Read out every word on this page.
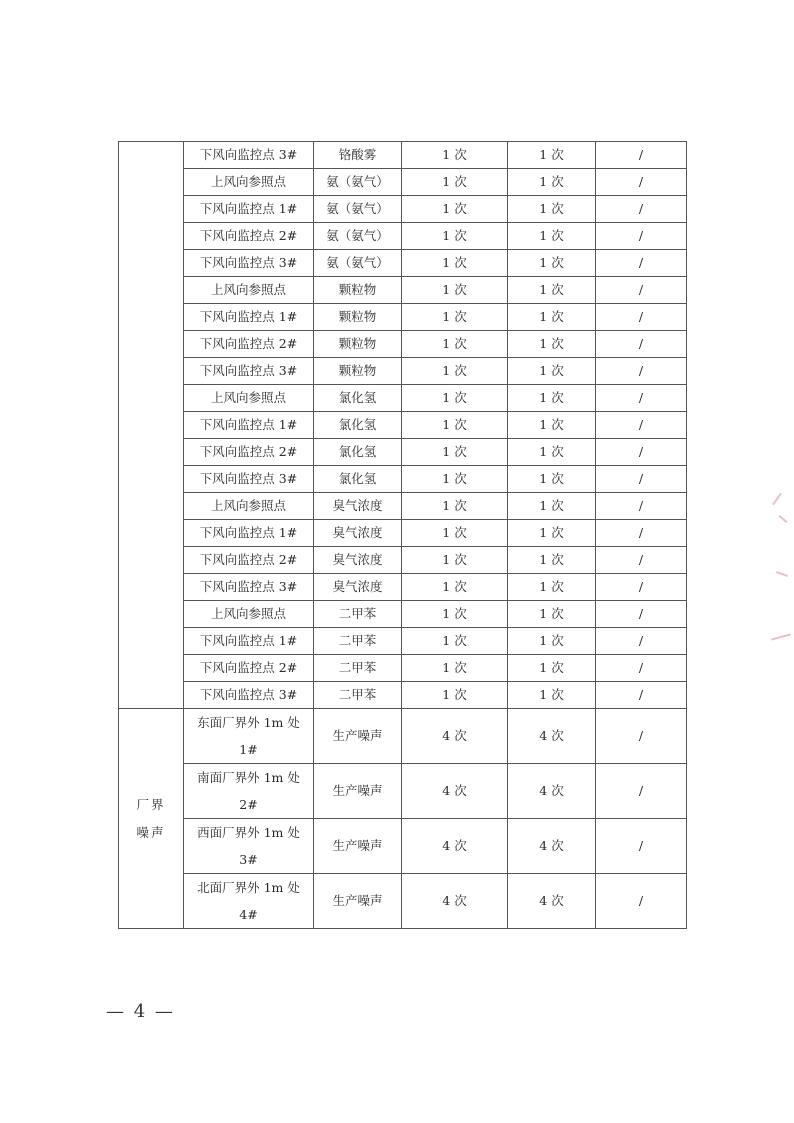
	下风向监控点 3#	铬酸雾	1 次	1 次	/
	上风向参照点	氨（氨气）	1 次	1 次	/
	下风向监控点 1#	氨（氨气）	1 次	1 次	/
	下风向监控点 2#	氨（氨气）	1 次	1 次	/
	下风向监控点 3#	氨（氨气）	1 次	1 次	/
	上风向参照点	颗粒物	1 次	1 次	/
	下风向监控点 1#	颗粒物	1 次	1 次	/
	下风向监控点 2#	颗粒物	1 次	1 次	/
	下风向监控点 3#	颗粒物	1 次	1 次	/
	上风向参照点	氯化氢	1 次	1 次	/
	下风向监控点 1#	氯化氢	1 次	1 次	/
	下风向监控点 2#	氯化氢	1 次	1 次	/
	下风向监控点 3#	氯化氢	1 次	1 次	/
	上风向参照点	臭气浓度	1 次	1 次	/
	下风向监控点 1#	臭气浓度	1 次	1 次	/
	下风向监控点 2#	臭气浓度	1 次	1 次	/
	下风向监控点 3#	臭气浓度	1 次	1 次	/
	上风向参照点	二甲苯	1 次	1 次	/
	下风向监控点 1#	二甲苯	1 次	1 次	/
	下风向监控点 2#	二甲苯	1 次	1 次	/
	下风向监控点 3#	二甲苯	1 次	1 次	/
厂界噪声	东面厂界外 1m 处 1#	生产噪声	4 次	4 次	/
	南面厂界外 1m 处 2#	生产噪声	4 次	4 次	/
	西面厂界外 1m 处 3#	生产噪声	4 次	4 次	/
	北面厂界外 1m 处 4#	生产噪声	4 次	4 次	/
— 4 —
